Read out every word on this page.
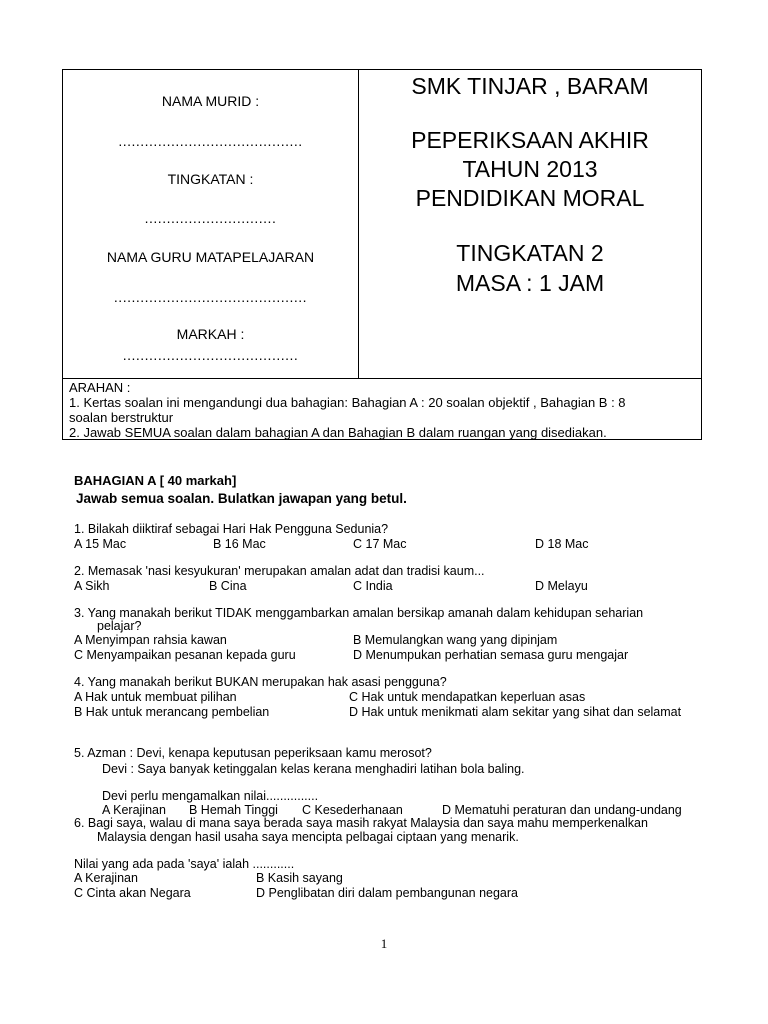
NAMA MURID :
..........................................
TINGKATAN :
..............................
NAMA GURU MATAPELAJARAN
............................................
MARKAH :
........................................
SMK TINJAR , BARAM
PEPERIKSAAN AKHIR
TAHUN 2013
PENDIDIKAN MORAL
TINGKATAN 2
MASA : 1 JAM
ARAHAN :
1. Kertas soalan ini mengandungi dua bahagian: Bahagian A : 20 soalan objektif , Bahagian B : 8
soalan berstruktur
2. Jawab SEMUA soalan dalam bahagian A dan Bahagian B dalam ruangan yang disediakan.
BAHAGIAN A [ 40 markah]
Jawab semua soalan. Bulatkan jawapan yang betul.
1. Bilakah diiktiraf sebagai Hari Hak Pengguna Sedunia?
A 15 Mac	B 16 Mac	C 17 Mac	D 18 Mac
2. Memasak 'nasi kesyukuran' merupakan amalan adat dan tradisi kaum...
A Sikh	B Cina	C India	D Melayu
3. Yang manakah berikut TIDAK menggambarkan amalan bersikap amanah dalam kehidupan seharian
pelajar?
A Menyimpan rahsia kawan	B Memulangkan wang yang dipinjam
C Menyampaikan pesanan kepada guru	D Menumpukan perhatian semasa guru mengajar
4. Yang manakah berikut BUKAN merupakan hak asasi pengguna?
A Hak untuk membuat pilihan	C Hak untuk mendapatkan keperluan asas
B Hak untuk merancang pembelian	D Hak untuk menikmati alam sekitar yang sihat dan selamat
5. Azman : Devi, kenapa keputusan peperiksaan kamu merosot?
Devi : Saya banyak ketinggalan kelas kerana menghadiri latihan bola baling.
Devi perlu mengamalkan nilai...............
A Kerajinan B Hemah Tinggi C Kesederhanaan	D Mematuhi peraturan dan undang-undang
6. Bagi saya, walau di mana saya berada saya masih rakyat Malaysia dan saya mahu memperkenalkan
Malaysia dengan hasil usaha saya mencipta pelbagai ciptaan yang menarik.
Nilai yang ada pada 'saya' ialah ............
A Kerajinan	B Kasih sayang
C Cinta akan Negara	D Penglibatan diri dalam pembangunan negara
1
